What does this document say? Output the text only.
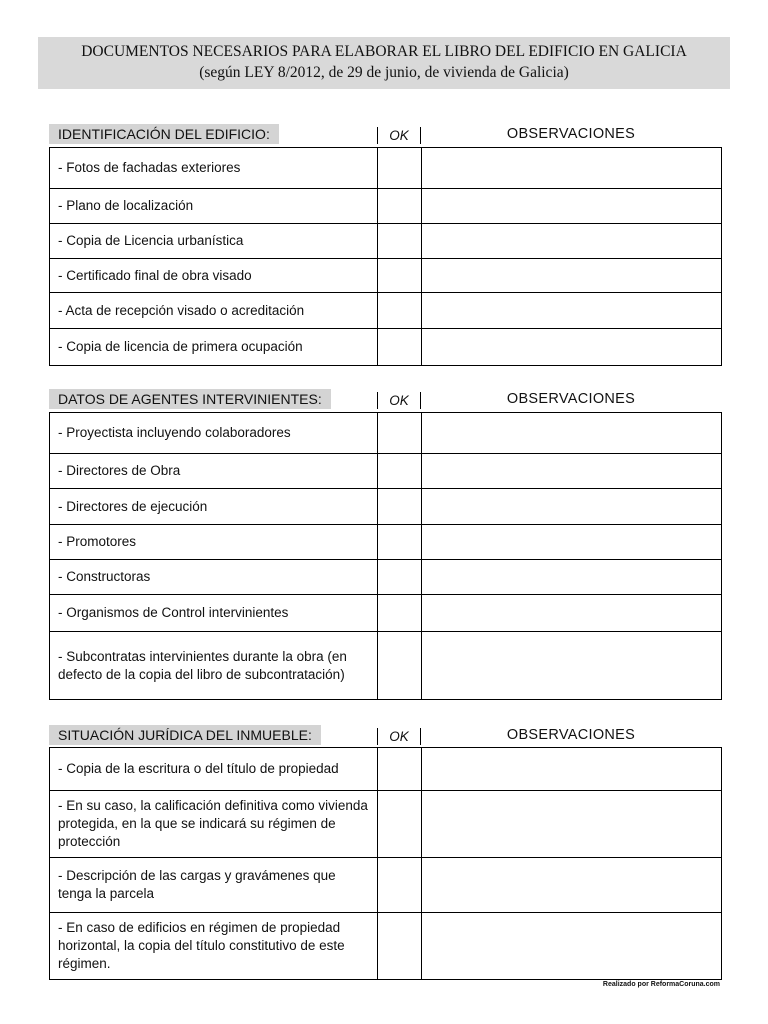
DOCUMENTOS NECESARIOS PARA ELABORAR EL LIBRO DEL EDIFICIO EN GALICIA
(según LEY 8/2012, de 29 de junio, de vivienda de Galicia)
IDENTIFICACIÓN DEL EDIFICIO:	OK	OBSERVACIONES
- Fotos de fachadas exteriores		
- Plano de localización		
- Copia de Licencia urbanística		
- Certificado final de obra visado		
- Acta de recepción visado o acreditación		
- Copia de licencia de primera ocupación		
DATOS DE AGENTES INTERVINIENTES:	OK	OBSERVACIONES
- Proyectista incluyendo colaboradores		
- Directores de Obra		
- Directores de ejecución		
- Promotores		
- Constructoras		
- Organismos de Control intervinientes		
- Subcontratas intervinientes durante la obra (en defecto de la copia del libro de subcontratación)		
SITUACIÓN JURÍDICA DEL INMUEBLE:	OK	OBSERVACIONES
- Copia de la escritura o del título de propiedad		
- En su caso, la calificación definitiva como vivienda protegida, en la que se indicará su régimen de protección		
- Descripción de las cargas y gravámenes que tenga la parcela		
- En caso de edificios en régimen de propiedad horizontal, la copia del título constitutivo de este régimen.		
Realizado por ReformaCoruna.com
